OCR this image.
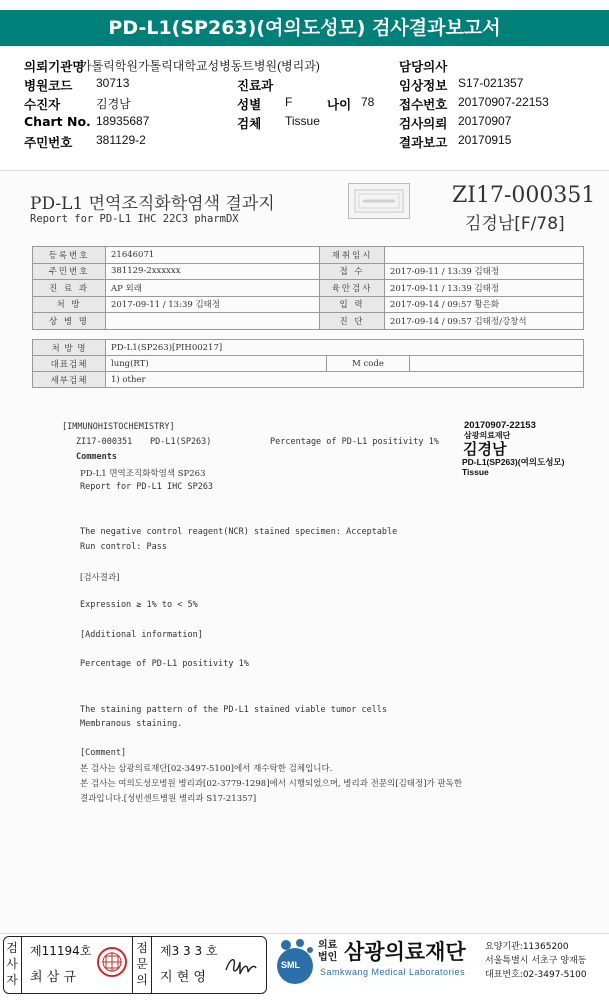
PD-L1(SP263)(여의도성모) 검사결과보고서
의뢰기관명
가톨릭학원가톨릭대학교성병동트병원(병리과)	담당의사
병원코드 30713	진료과	임상정보 S17-021357
수진자	김경남	성별 F	나이 78 접수번호 20170907-22153
Chart No. 18935687	검체 Tissue	검사의뢰 20170907
주민번호 381129-2	결과보고 20170915
PD-L1 면역조직화학염색 결과지
Report for PD-L1 IHC 22C3 pharmDX
ZI17-000351
김경남[F/78]
등록번호	21646071	재취임시	
주민번호	381129-2xxxxxx	접 수	2017-09-11 / 13:39 김태정
진 료 과	AP 외래	육안검사	2017-09-11 / 13:39 김태정
처 방	2017-09-11 / 13:39 김태정	입 력	2017-09-14 / 09:57 황은화
상 병 명		진 단	2017-09-14 / 09:57 김태정/강창석
처 방 명	PD-L1(SP263)[PIH00217]		
대표검체	lung(RT)	M code	
세부검체	1) other		
[IMMUNOHISTOCHEMISTRY]
ZI17-000351 PD-L1(SP263)	Percentage of PD-L1 positivity 1%
Comments
PD-L1 면역조직화학염색 SP263
Report for PD-L1 IHC SP263
20170907-22153
삼광의료재단
김경남
PD-L1(SP263)(여의도성모)
Tissue
The negative control reagent(NCR) stained specimen: Acceptable
Run control: Pass
[검사결과]
Expression ≥ 1% to < 5%
[Additional information]
Percentage of PD-L1 positivity 1%
The staining pattern of the PD-L1 stained viable tumor cells
Membranous staining.
[Comment]
본 검사는 삼광의료재단[02-3497-5100]에서 재수탁한 검체입니다.
본 검사는 여의도성모병원 병리과[02-3779-1298]에서 시행되었으며, 병리과 전문의[김태정]가 판독한
결과입니다.[성빈센트병원 병리과 S17-21357]
검사자
제11194호
최 삼 규
점문의
제3 3 3 호
지 현 영
SML
의료법인 삼광의료재단
Samkwang Medical Laboratories
요양기관:11365200
서울특별시 서초구 양재동
대표번호:02-3497-5100
